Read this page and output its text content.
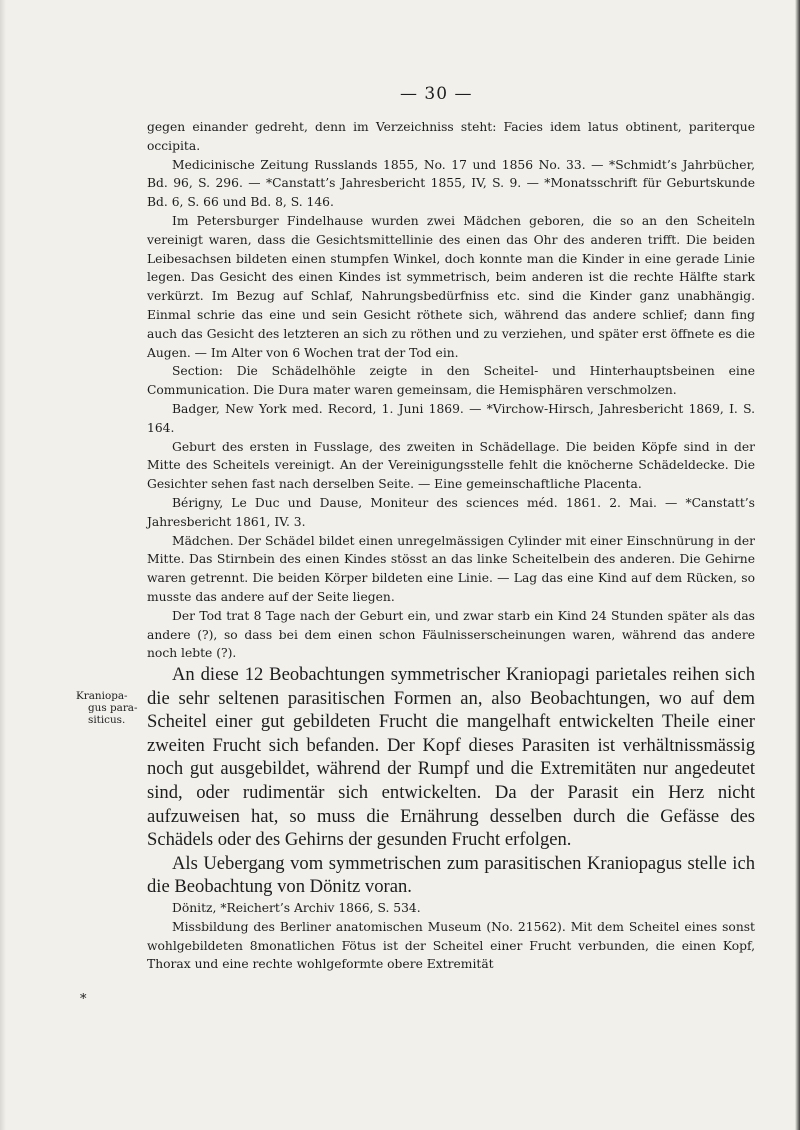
— 30 —
Kraniopa-
gus para-
siticus.
*

gegen einander gedreht, denn im Verzeichniss steht: Facies idem latus obtinent, pariterque occipita.

Medicinische Zeitung Russlands 1855, No. 17 und 1856 No. 33. — *Schmidt’s Jahrbücher, Bd. 96, S. 296. — *Canstatt’s Jahresbericht 1855, IV, S. 9. — *Monatsschrift für Geburtskunde Bd. 6, S. 66 und Bd. 8, S. 146.

Im Petersburger Findelhause wurden zwei Mädchen geboren, die so an den Scheiteln vereinigt waren, dass die Gesichtsmittellinie des einen das Ohr des anderen trifft. Die beiden Leibesachsen bildeten einen stumpfen Winkel, doch konnte man die Kinder in eine gerade Linie legen. Das Gesicht des einen Kindes ist symmetrisch, beim anderen ist die rechte Hälfte stark verkürzt. Im Bezug auf Schlaf, Nahrungsbedürfniss etc. sind die Kinder ganz unabhängig. Einmal schrie das eine und sein Gesicht röthete sich, während das andere schlief; dann fing auch das Gesicht des letzteren an sich zu röthen und zu verziehen, und später erst öffnete es die Augen. — Im Alter von 6 Wochen trat der Tod ein.

Section: Die Schädelhöhle zeigte in den Scheitel- und Hinterhauptsbeinen eine Communication. Die Dura mater waren gemeinsam, die Hemisphären verschmolzen.

Badger, New York med. Record, 1. Juni 1869. — *Virchow-Hirsch, Jahresbericht 1869, I. S. 164.

Geburt des ersten in Fusslage, des zweiten in Schädellage. Die beiden Köpfe sind in der Mitte des Scheitels vereinigt. An der Vereinigungsstelle fehlt die knöcherne Schädeldecke. Die Gesichter sehen fast nach derselben Seite. — Eine gemeinschaftliche Placenta.

Bérigny, Le Duc und Dause, Moniteur des sciences méd. 1861. 2. Mai. — *Canstatt’s Jahresbericht 1861, IV. 3.

Mädchen. Der Schädel bildet einen unregelmässigen Cylinder mit einer Einschnürung in der Mitte. Das Stirnbein des einen Kindes stösst an das linke Scheitelbein des anderen. Die Gehirne waren getrennt. Die beiden Körper bildeten eine Linie. — Lag das eine Kind auf dem Rücken, so musste das andere auf der Seite liegen.

Der Tod trat 8 Tage nach der Geburt ein, und zwar starb ein Kind 24 Stunden später als das andere (?), so dass bei dem einen schon Fäulnisserscheinungen waren, während das andere noch lebte (?).

An diese 12 Beobachtungen symmetrischer Kraniopagi parietales reihen sich die sehr seltenen parasitischen Formen an, also Beobachtungen, wo auf dem Scheitel einer gut gebildeten Frucht die mangelhaft entwickelten Theile einer zweiten Frucht sich befanden. Der Kopf dieses Parasiten ist verhältnissmässig noch gut ausgebildet, während der Rumpf und die Extremitäten nur angedeutet sind, oder rudimentär sich entwickelten. Da der Parasit ein Herz nicht aufzuweisen hat, so muss die Ernährung desselben durch die Gefässe des Schädels oder des Gehirns der gesunden Frucht erfolgen.

Als Uebergang vom symmetrischen zum parasitischen Kraniopagus stelle ich die Beobachtung von Dönitz voran.

Dönitz, *Reichert’s Archiv 1866, S. 534.

Missbildung des Berliner anatomischen Museum (No. 21562). Mit dem Scheitel eines sonst wohlgebildeten 8monatlichen Fötus ist der Scheitel einer Frucht verbunden, die einen Kopf, Thorax und eine rechte wohlgeformte obere Extremität
